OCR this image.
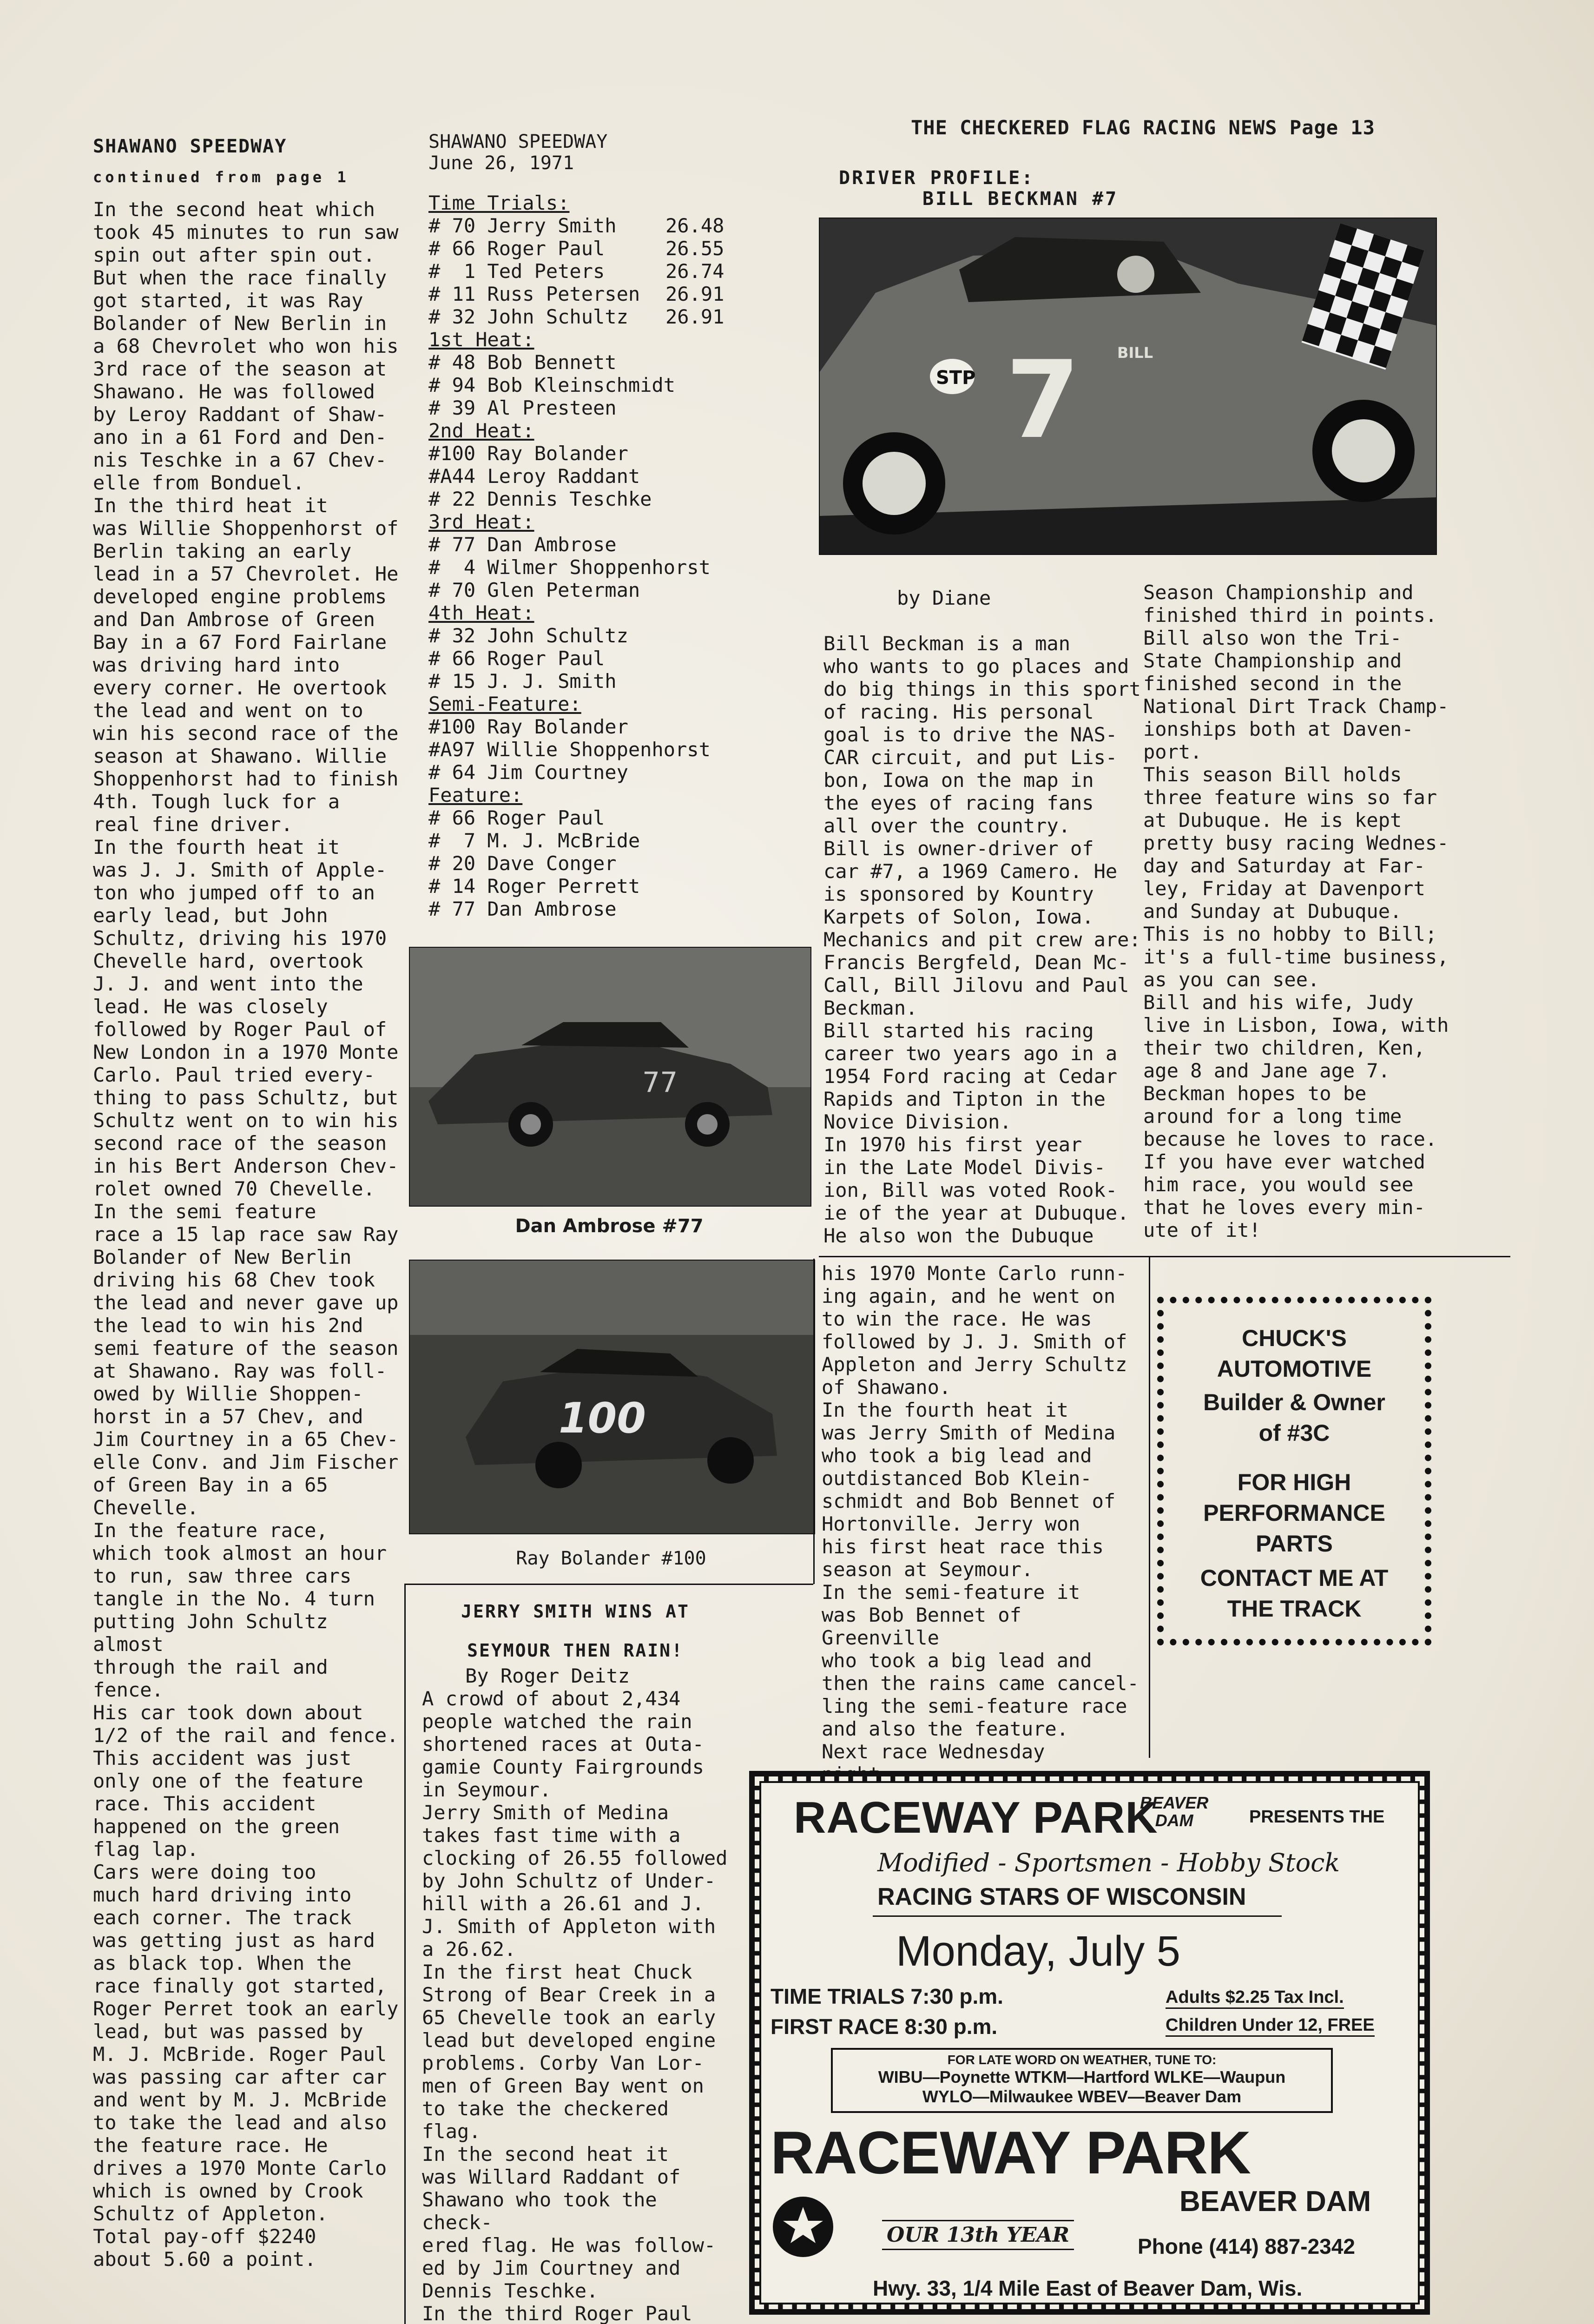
THE CHECKERED FLAG RACING NEWS Page 13
SHAWANO SPEEDWAY
continued from page 1

In the second heat which
took 45 minutes to run saw
spin out after spin out.
But when the race finally
got started, it was Ray
Bolander of New Berlin in
a 68 Chevrolet who won his
3rd race of the season at
Shawano. He was followed
by Leroy Raddant of Shaw-
ano in a 61 Ford and Den-
nis Teschke in a 67 Chev-
elle from Bonduel.

In the third heat it
was Willie Shoppenhorst of
Berlin taking an early
lead in a 57 Chevrolet. He
developed engine problems
and Dan Ambrose of Green
Bay in a 67 Ford Fairlane
was driving hard into
every corner. He overtook
the lead and went on to
win his second race of the
season at Shawano. Willie
Shoppenhorst had to finish
4th. Tough luck for a
real fine driver.

In the fourth heat it
was J. J. Smith of Apple-
ton who jumped off to an
early lead, but John
Schultz, driving his 1970
Chevelle hard, overtook
J. J. and went into the
lead. He was closely
followed by Roger Paul of
New London in a 1970 Monte
Carlo. Paul tried every-
thing to pass Schultz, but
Schultz went on to win his
second race of the season
in his Bert Anderson Chev-
rolet owned 70 Chevelle.

In the semi feature
race a 15 lap race saw Ray
Bolander of New Berlin
driving his 68 Chev took
the lead and never gave up
the lead to win his 2nd
semi feature of the season
at Shawano. Ray was foll-
owed by Willie Shoppen-
horst in a 57 Chev, and
Jim Courtney in a 65 Chev-
elle Conv. and Jim Fischer
of Green Bay in a 65
Chevelle.

In the feature race,
which took almost an hour
to run, saw three cars
tangle in the No. 4 turn
putting John Schultz almost
through the rail and fence.
His car took down about
1/2 of the rail and fence.
This accident was just
only one of the feature
race. This accident
happened on the green
flag lap.

Cars were doing too
much hard driving into
each corner. The track
was getting just as hard
as black top. When the
race finally got started,
Roger Perret took an early
lead, but was passed by
M. J. McBride. Roger Paul
was passing car after car
and went by M. J. McBride
to take the lead and also
the feature race. He
drives a 1970 Monte Carlo
which is owned by Crook
Schultz of Appleton.

Total pay-off $2240
about 5.60 a point.

SHAWANO SPEEDWAY
June 26, 1971
Time Trials:
# 70 Jerry Smith	26.48
# 66 Roger Paul	26.55
#  1 Ted Peters	26.74
# 11 Russ Petersen	26.91
# 32 John Schultz	26.91
1st Heat:
# 48 Bob Bennett
# 94 Bob Kleinschmidt
# 39 Al Presteen
2nd Heat:
#100 Ray Bolander
#A44 Leroy Raddant
# 22 Dennis Teschke
3rd Heat:
# 77 Dan Ambrose
#  4 Wilmer Shoppenhorst
# 70 Glen Peterman
4th Heat:
# 32 John Schultz
# 66 Roger Paul
# 15 J. J. Smith
Semi-Feature:
#100 Ray Bolander
#A97 Willie Shoppenhorst
# 64 Jim Courtney
Feature:
# 66 Roger Paul
#  7 M. J. McBride
# 20 Dave Conger
# 14 Roger Perrett
# 77 Dan Ambrose
77
Dan Ambrose #77
100
Ray Bolander #100
JERRY SMITH WINS AT
SEYMOUR THEN RAIN!
By Roger Deitz

A crowd of about 2,434
people watched the rain
shortened races at Outa-
gamie County Fairgrounds
in Seymour.

Jerry Smith of Medina
takes fast time with a
clocking of 26.55 followed
by John Schultz of Under-
hill with a 26.61 and J.
J. Smith of Appleton with
a 26.62.

In the first heat Chuck
Strong of Bear Creek in a
65 Chevelle took an early
lead but developed engine
problems. Corby Van Lor-
men of Green Bay went on
to take the checkered flag.

In the second heat it
was Willard Raddant of
Shawano who took the check-
ered flag. He was follow-
ed by Jim Courtney and
Dennis Teschke.

In the third Roger Paul

DRIVER PROFILE:
BILL BECKMAN #7
STP 7 BILL
by Diane

Bill Beckman is a man
who wants to go places and
do big things in this sport
of racing. His personal
goal is to drive the NAS-
CAR circuit, and put Lis-
bon, Iowa on the map in
the eyes of racing fans
all over the country.

Bill is owner-driver of
car #7, a 1969 Camero. He
is sponsored by Kountry
Karpets of Solon, Iowa.
Mechanics and pit crew are:
Francis Bergfeld, Dean Mc-
Call, Bill Jilovu and Paul
Beckman.

Bill started his racing
career two years ago in a
1954 Ford racing at Cedar
Rapids and Tipton in the
Novice Division.

In 1970 his first year
in the Late Model Divis-
ion, Bill was voted Rook-
ie of the year at Dubuque.
He also won the Dubuque

Season Championship and
finished third in points.
Bill also won the Tri-
State Championship and
finished second in the
National Dirt Track Champ-
ionships both at Daven-
port.

This season Bill holds
three feature wins so far
at Dubuque. He is kept
pretty busy racing Wednes-
day and Saturday at Far-
ley, Friday at Davenport
and Sunday at Dubuque.
This is no hobby to Bill;
it's a full-time business,
as you can see.

Bill and his wife, Judy
live in Lisbon, Iowa, with
their two children, Ken,
age 8 and Jane age 7.

Beckman hopes to be
around for a long time
because he loves to race.
If you have ever watched
him race, you would see
that he loves every min-
ute of it!

his 1970 Monte Carlo runn-
ing again, and he went on
to win the race. He was
followed by J. J. Smith of
Appleton and Jerry Schultz
of Shawano.

In the fourth heat it
was Jerry Smith of Medina
who took a big lead and
outdistanced Bob Klein-
schmidt and Bob Bennet of
Hortonville. Jerry won
his first heat race this
season at Seymour.

In the semi-feature it
was Bob Bennet of Greenville
who took a big lead and
then the rains came cancel-
ling the semi-feature race
and also the feature.

Next race Wednesday

CHUCK'S
AUTOMOTIVE
Builder & Owner
of #3C
FOR HIGH
PERFORMANCE
PARTS
CONTACT ME AT
THE TRACK
RACEWAY PARK
BEAVER
DAM	PRESENTS THE
Modified - Sportsmen - Hobby Stock
RACING STARS OF WISCONSIN
Monday, July 5
TIME TRIALS 7:30 p.m.
FIRST RACE 8:30 p.m.
Adults $2.25 Tax Incl.
Children Under 12, FREE
FOR LATE WORD ON WEATHER, TUNE TO:
WIBU—Poynette WTKM—Hartford WLKE—Waupun
WYLO—Milwaukee WBEV—Beaver Dam
RACEWAY PARK
BEAVER DAM
OUR 13th YEAR	Phone (414) 887-2342
Hwy. 33, 1/4 Mile East of Beaver Dam, Wis.
